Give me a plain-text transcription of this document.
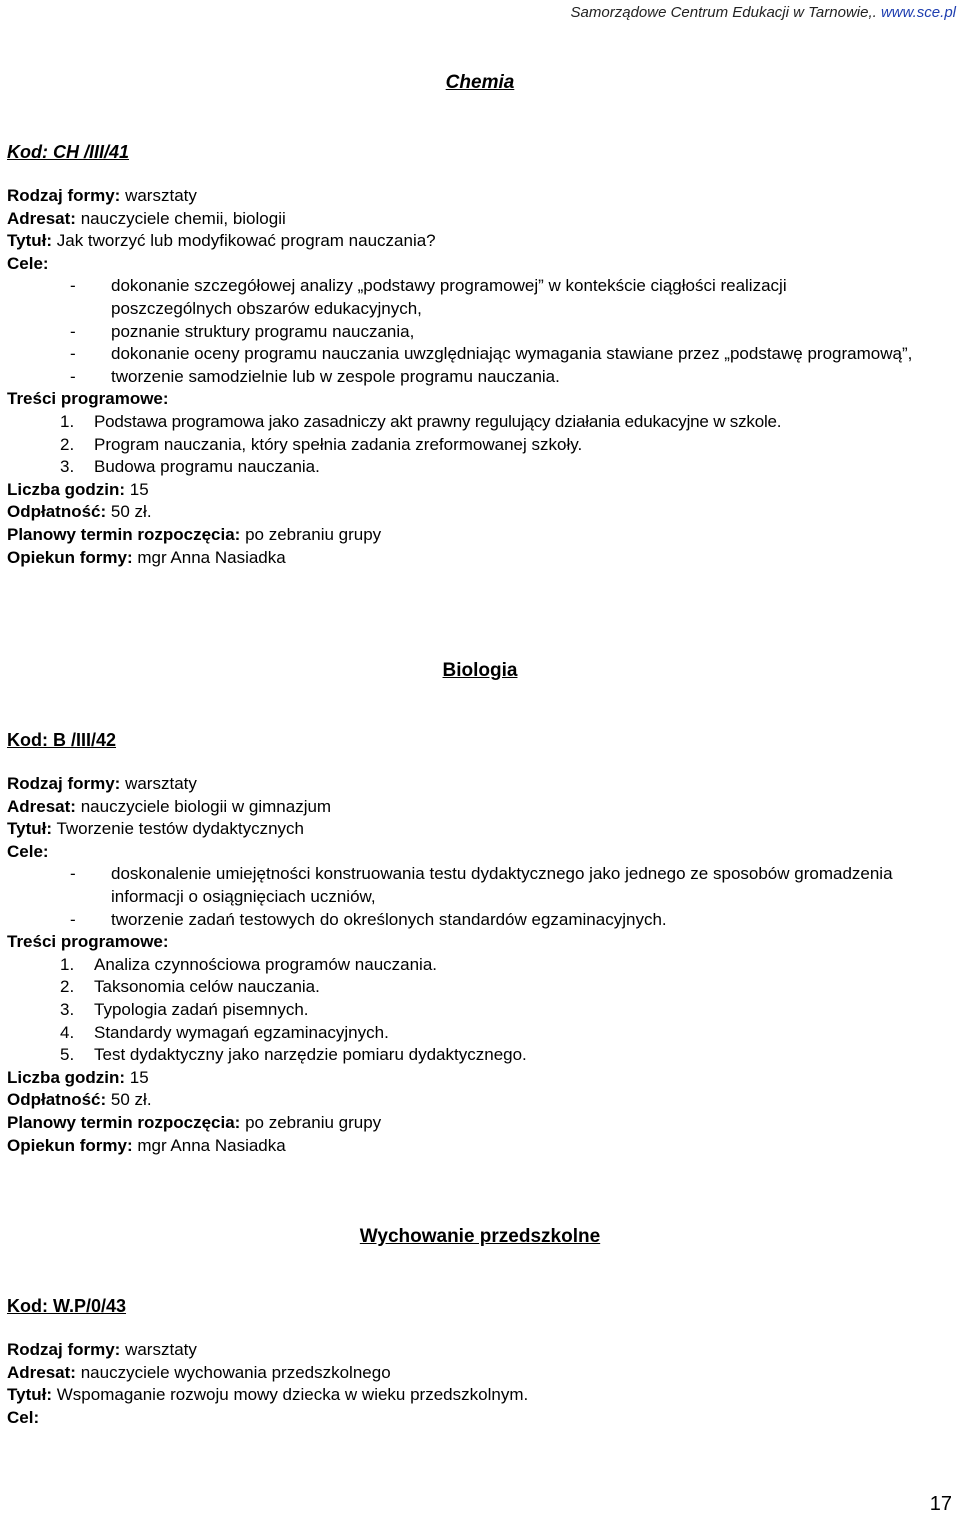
Samorządowe Centrum Edukacji w Tarnowie,. www.sce.pl
Chemia
Kod: CH /III/41
Rodzaj formy: warsztaty
Adresat: nauczyciele chemii, biologii
Tytuł: Jak tworzyć lub modyfikować program nauczania?
Cele:
-	dokonanie szczegółowej analizy „podstawy programowej” w kontekście ciągłości realizacji poszczególnych obszarów edukacyjnych,
-	poznanie struktury programu nauczania,
-	dokonanie oceny programu nauczania uwzględniając wymagania stawiane przez „podstawę programową”,
-	tworzenie samodzielnie lub w zespole programu nauczania.
Treści programowe:
1.	Podstawa programowa jako zasadniczy akt prawny regulujący działania edukacyjne w szkole.
2.	Program nauczania, który spełnia zadania zreformowanej szkoły.
3.	Budowa programu nauczania.
Liczba godzin: 15
Odpłatność: 50 zł.
Planowy termin rozpoczęcia: po zebraniu grupy
Opiekun formy: mgr Anna Nasiadka
Biologia
Kod: B /III/42
Rodzaj formy: warsztaty
Adresat: nauczyciele biologii w gimnazjum
Tytuł: Tworzenie testów dydaktycznych
Cele:
-	doskonalenie umiejętności konstruowania testu dydaktycznego jako jednego ze sposobów gromadzenia informacji o osiągnięciach uczniów,
-	tworzenie zadań testowych do określonych standardów egzaminacyjnych.
Treści programowe:
1.	Analiza czynnościowa programów nauczania.
2.	Taksonomia celów nauczania.
3.	Typologia zadań pisemnych.
4.	Standardy wymagań egzaminacyjnych.
5.	Test dydaktyczny jako narzędzie pomiaru dydaktycznego.
Liczba godzin: 15
Odpłatność: 50 zł.
Planowy termin rozpoczęcia: po zebraniu grupy
Opiekun formy: mgr Anna Nasiadka
Wychowanie przedszkolne
Kod: W.P/0/43
Rodzaj formy: warsztaty
Adresat: nauczyciele wychowania przedszkolnego
Tytuł: Wspomaganie rozwoju mowy dziecka w wieku przedszkolnym.
Cel:
17
